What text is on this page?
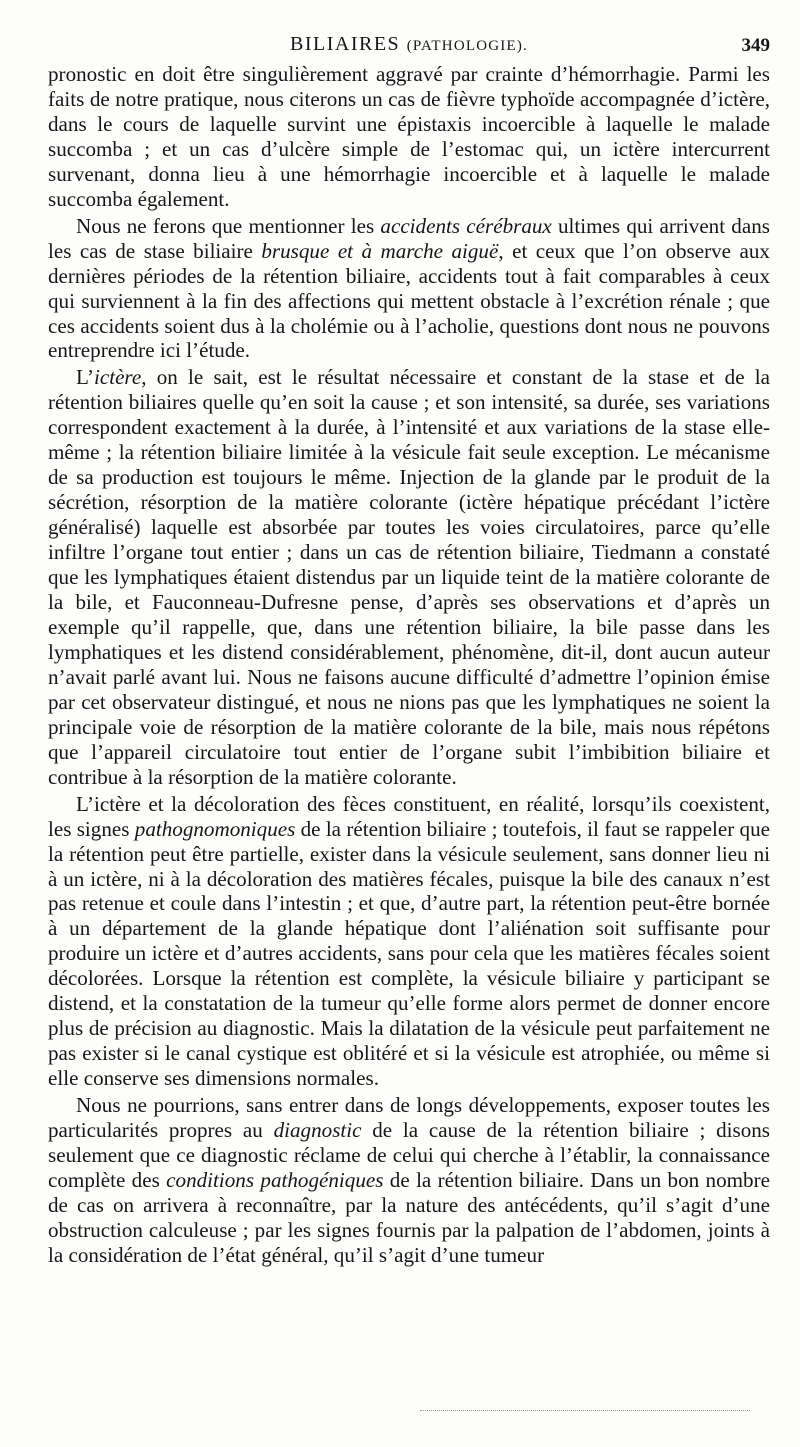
BILIAIRES (PATHOLOGIE).	349

pronostic en doit être singulièrement aggravé par crainte d’hémorrhagie. Parmi les faits de notre pratique, nous citerons un cas de fièvre typhoïde accompagnée d’ictère, dans le cours de laquelle survint une épistaxis incoercible à laquelle le malade succomba ; et un cas d’ulcère simple de l’estomac qui, un ictère intercurrent survenant, donna lieu à une hémorrhagie incoercible et à laquelle le malade succomba également.

Nous ne ferons que mentionner les accidents cérébraux ultimes qui arrivent dans les cas de stase biliaire brusque et à marche aiguë, et ceux que l’on observe aux dernières périodes de la rétention biliaire, accidents tout à fait comparables à ceux qui surviennent à la fin des affections qui mettent obstacle à l’excrétion rénale ; que ces accidents soient dus à la cholémie ou à l’acholie, questions dont nous ne pouvons entreprendre ici l’étude.

L’ictère, on le sait, est le résultat nécessaire et constant de la stase et de la rétention biliaires quelle qu’en soit la cause ; et son intensité, sa durée, ses variations correspondent exactement à la durée, à l’intensité et aux variations de la stase elle-même ; la rétention biliaire limitée à la vésicule fait seule exception. Le mécanisme de sa production est toujours le même. Injection de la glande par le produit de la sécrétion, résorption de la matière colorante (ictère hépatique précédant l’ictère généralisé) laquelle est absorbée par toutes les voies circulatoires, parce qu’elle infiltre l’organe tout entier ; dans un cas de rétention biliaire, Tiedmann a constaté que les lymphatiques étaient distendus par un liquide teint de la matière colorante de la bile, et Fauconneau-Dufresne pense, d’après ses observations et d’après un exemple qu’il rappelle, que, dans une rétention biliaire, la bile passe dans les lymphatiques et les distend considérablement, phénomène, dit-il, dont aucun auteur n’avait parlé avant lui. Nous ne faisons aucune difficulté d’admettre l’opinion émise par cet observateur distingué, et nous ne nions pas que les lymphatiques ne soient la principale voie de résorption de la matière colorante de la bile, mais nous répétons que l’appareil circulatoire tout entier de l’organe subit l’imbibition biliaire et contribue à la résorption de la matière colorante.

L’ictère et la décoloration des fèces constituent, en réalité, lorsqu’ils coexistent, les signes pathognomoniques de la rétention biliaire ; toutefois, il faut se rappeler que la rétention peut être partielle, exister dans la vésicule seulement, sans donner lieu ni à un ictère, ni à la décoloration des matières fécales, puisque la bile des canaux n’est pas retenue et coule dans l’intestin ; et que, d’autre part, la rétention peut-être bornée à un département de la glande hépatique dont l’aliénation soit suffisante pour produire un ictère et d’autres accidents, sans pour cela que les matières fécales soient décolorées. Lorsque la rétention est complète, la vésicule biliaire y participant se distend, et la constatation de la tumeur qu’elle forme alors permet de donner encore plus de précision au diagnostic. Mais la dilatation de la vésicule peut parfaitement ne pas exister si le canal cystique est oblitéré et si la vésicule est atrophiée, ou même si elle conserve ses dimensions normales.

Nous ne pourrions, sans entrer dans de longs développements, exposer toutes les particularités propres au diagnostic de la cause de la rétention biliaire ; disons seulement que ce diagnostic réclame de celui qui cherche à l’établir, la connaissance complète des conditions pathogéniques de la rétention biliaire. Dans un bon nombre de cas on arrivera à reconnaître, par la nature des antécédents, qu’il s’agit d’une obstruction calculeuse ; par les signes fournis par la palpation de l’abdomen, joints à la considération de l’état général, qu’il s’agit d’une tumeur
